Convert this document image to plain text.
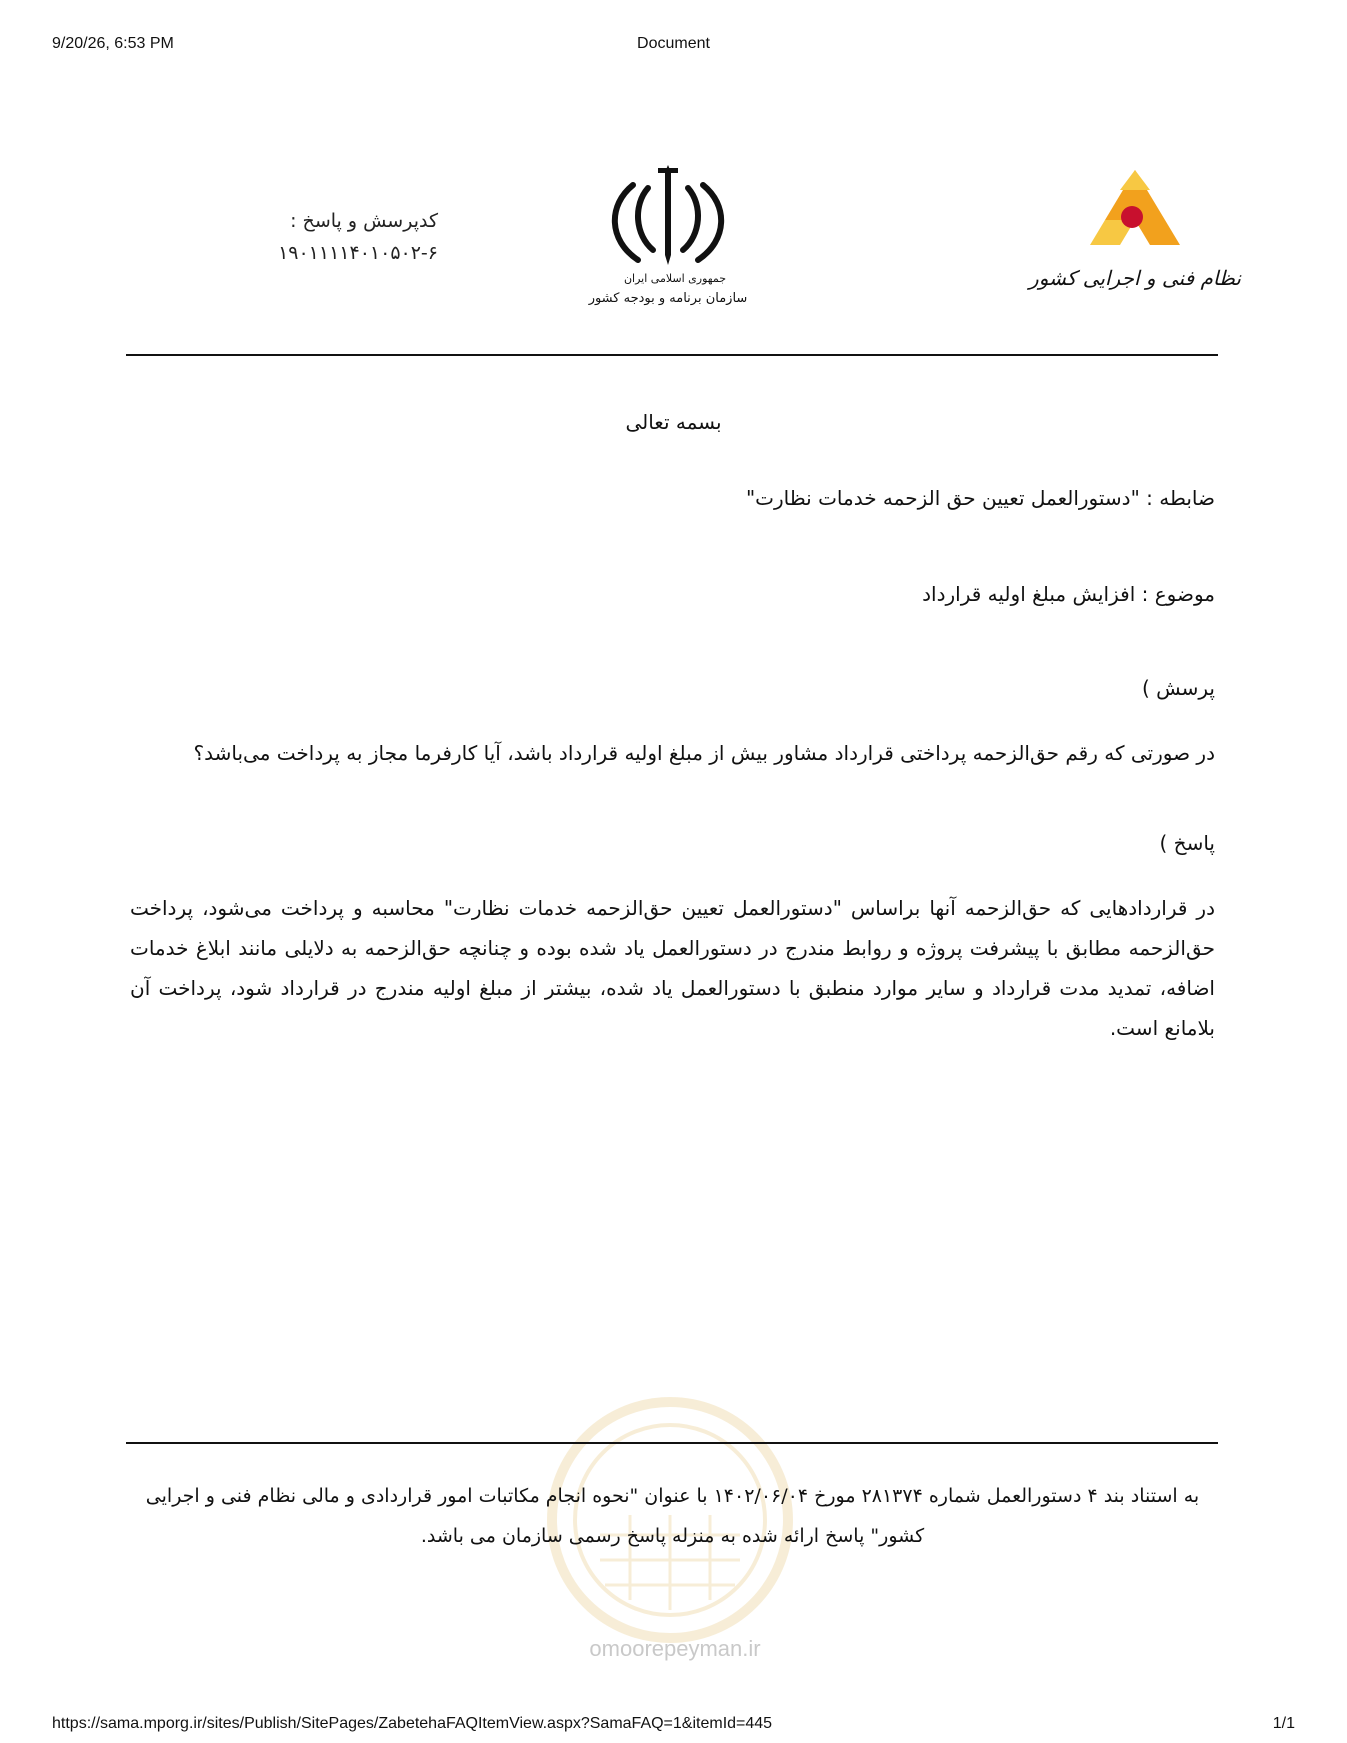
9/20/26, 6:53 PM	Document
کدپرسش و پاسخ :
۱۹۰۱۱۱۱۴۰۱۰۵۰۲-۶
جمهوری اسلامی ایران
سازمان برنامه و بودجه کشور
نظام فنی و اجرایی کشور
بسمه تعالی
ضابطه : "دستورالعمل تعیین حق الزحمه خدمات نظارت"
موضوع : افزایش مبلغ اولیه قرارداد
پرسش )
در صورتی که رقم حق‌الزحمه پرداختی قرارداد مشاور بیش از مبلغ اولیه قرارداد باشد، آیا کارفرما مجاز به پرداخت می‌باشد؟
پاسخ )
در قراردادهایی که حق‌الزحمه آنها براساس "دستورالعمل تعیین حق‌الزحمه خدمات نظارت" محاسبه و پرداخت می‌شود، پرداخت حق‌الزحمه مطابق با پیشرفت پروژه و روابط مندرج در دستورالعمل یاد شده بوده و چنانچه حق‌الزحمه به دلایلی مانند ابلاغ خدمات اضافه، تمدید مدت قرارداد و سایر موارد منطبق با دستورالعمل یاد شده، بیشتر از مبلغ اولیه مندرج در قرارداد شود، پرداخت آن بلامانع است.
omoorepeyman.ir
به استناد بند ۴ دستورالعمل شماره ۲۸۱۳۷۴ مورخ ۱۴۰۲/۰۶/۰۴ با عنوان "نحوه انجام مکاتبات امور قراردادی و مالی نظام فنی و اجرایی کشور" پاسخ ارائه شده به منزله پاسخ رسمی سازمان می باشد.
https://sama.mporg.ir/sites/Publish/SitePages/ZabetehaFAQItemView.aspx?SamaFAQ=1&itemId=445	1/1
